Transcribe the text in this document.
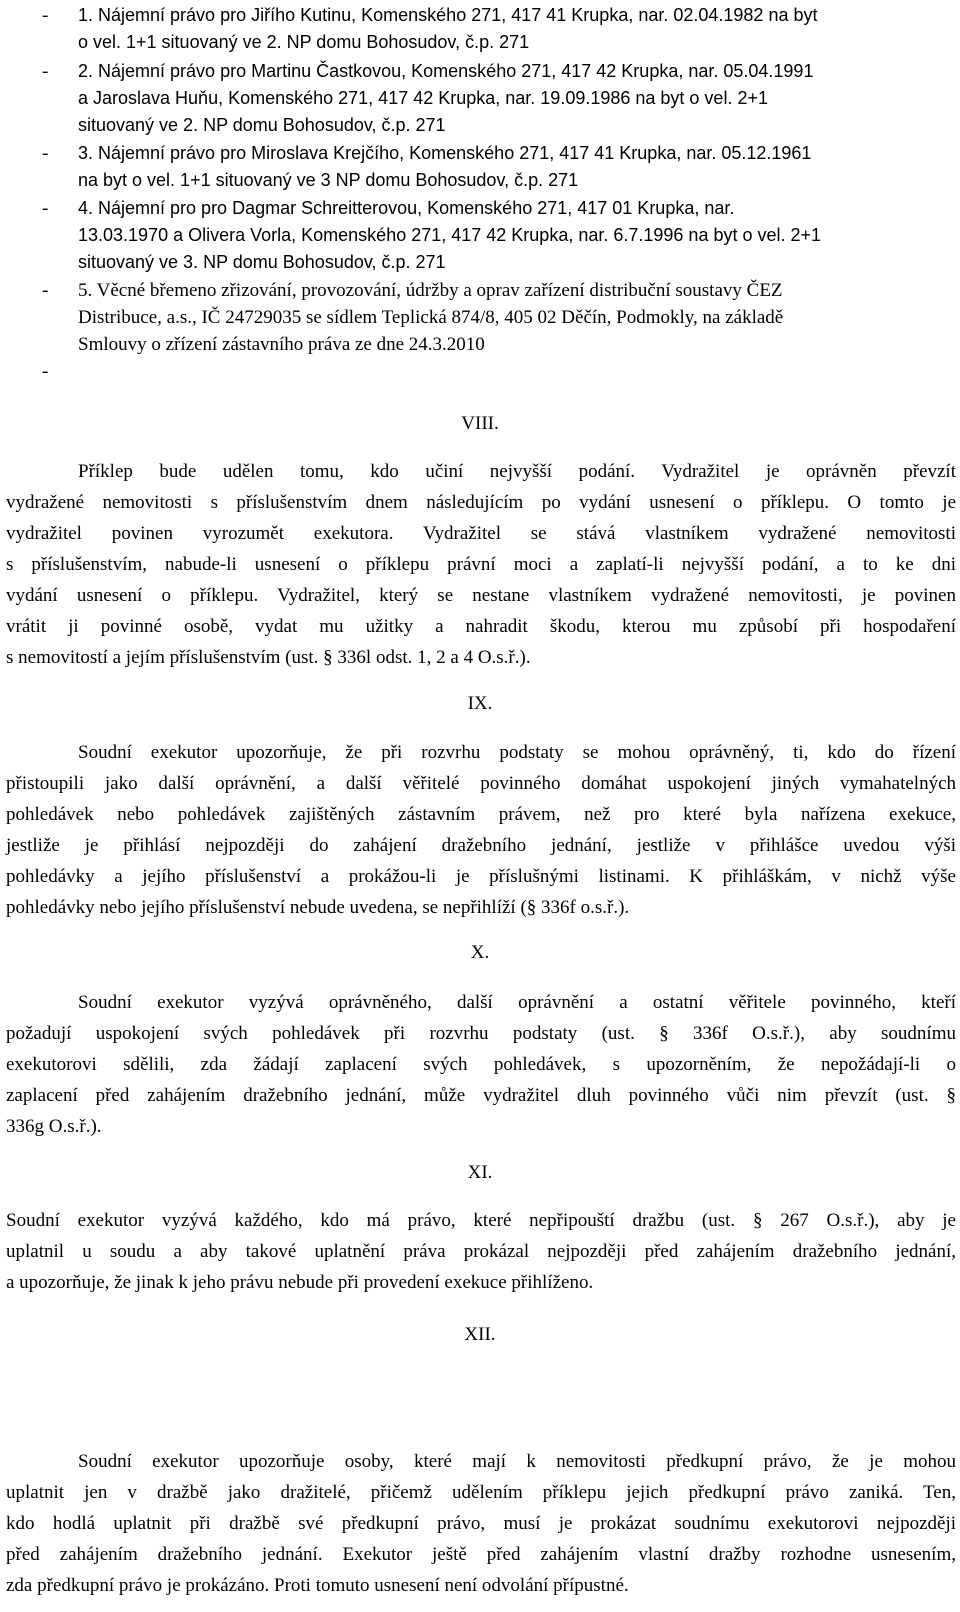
- 1. Nájemní právo pro Jiřího Kutinu, Komenského 271, 417 41 Krupka, nar. 02.04.1982 na byt
o vel. 1+1 situovaný ve 2. NP domu Bohosudov, č.p. 271
- 2. Nájemní právo pro Martinu Častkovou, Komenského 271, 417 42 Krupka, nar. 05.04.1991
a Jaroslava Huňu, Komenského 271, 417 42 Krupka, nar. 19.09.1986 na byt o vel. 2+1
situovaný ve 2. NP domu Bohosudov, č.p. 271
- 3. Nájemní právo pro Miroslava Krejčího, Komenského 271, 417 41 Krupka, nar. 05.12.1961
na byt o vel. 1+1 situovaný ve 3 NP domu Bohosudov, č.p. 271
- 4. Nájemní pro pro Dagmar Schreitterovou, Komenského 271, 417 01 Krupka, nar.
13.03.1970 a Olivera Vorla, Komenského 271, 417 42 Krupka, nar. 6.7.1996 na byt o vel. 2+1
situovaný ve 3. NP domu Bohosudov, č.p. 271
- 5. Věcné břemeno zřizování, provozování, údržby a oprav zařízení distribuční soustavy ČEZ
Distribuce, a.s., IČ 24729035 se sídlem Teplická 874/8, 405 02 Děčín, Podmokly, na základě
Smlouvy o zřízení zástavního práva ze dne 24.3.2010
-
VIII.
Příklep bude udělen tomu, kdo učiní nejvyšší podání. Vydražitel je oprávněn převzít
vydražené nemovitosti s příslušenstvím dnem následujícím po vydání usnesení o příklepu. O tomto je
vydražitel povinen vyrozumět exekutora. Vydražitel se stává vlastníkem vydražené nemovitosti
s příslušenstvím, nabude-li usnesení o příklepu právní moci a zaplatí-li nejvyšší podání, a to ke dni
vydání usnesení o příklepu. Vydražitel, který se nestane vlastníkem vydražené nemovitosti, je povinen
vrátit ji povinné osobě, vydat mu užitky a nahradit škodu, kterou mu způsobí při hospodaření
s nemovitostí a jejím příslušenstvím (ust. § 336l odst. 1, 2 a 4 O.s.ř.).
IX.
Soudní exekutor upozorňuje, že při rozvrhu podstaty se mohou oprávněný, ti, kdo do řízení
přistoupili jako další oprávnění, a další věřitelé povinného domáhat uspokojení jiných vymahatelných
pohledávek nebo pohledávek zajištěných zástavním právem, než pro které byla nařízena exekuce,
jestliže je přihlásí nejpozději do zahájení dražebního jednání, jestliže v přihlášce uvedou výši
pohledávky a jejího příslušenství a prokážou-li je příslušnými listinami. K přihláškám, v nichž výše
pohledávky nebo jejího příslušenství nebude uvedena, se nepřihlíží (§ 336f o.s.ř.).
X.
Soudní exekutor vyzývá oprávněného, další oprávnění a ostatní věřitele povinného, kteří
požadují uspokojení svých pohledávek při rozvrhu podstaty (ust. § 336f O.s.ř.), aby soudnímu
exekutorovi sdělili, zda žádají zaplacení svých pohledávek, s upozorněním, že nepožádají-li o
zaplacení před zahájením dražebního jednání, může vydražitel dluh povinného vůči nim převzít (ust. §
336g O.s.ř.).
XI.
Soudní exekutor vyzývá každého, kdo má právo, které nepřipouští dražbu (ust. § 267 O.s.ř.), aby je
uplatnil u soudu a aby takové uplatnění práva prokázal nejpozději před zahájením dražebního jednání,
a upozorňuje, že jinak k jeho právu nebude při provedení exekuce přihlíženo.
XII.
Soudní exekutor upozorňuje osoby, které mají k nemovitosti předkupní právo, že je mohou
uplatnit jen v dražbě jako dražitelé, přičemž udělením příklepu jejich předkupní právo zaniká. Ten,
kdo hodlá uplatnit při dražbě své předkupní právo, musí je prokázat soudnímu exekutorovi nejpozději
před zahájením dražebního jednání. Exekutor ještě před zahájením vlastní dražby rozhodne usnesením,
zda předkupní právo je prokázáno. Proti tomuto usnesení není odvolání přípustné.
